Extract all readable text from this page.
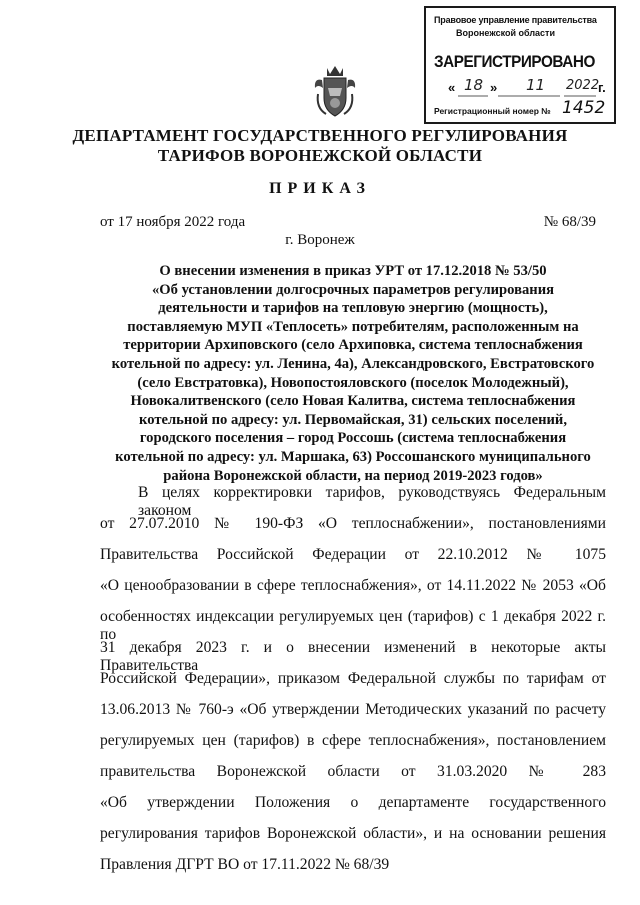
Правовое управление правительства
Воронежской области
ЗАРЕГИСТРИРОВАНО
« 18 » 11 2022
г.
Регистрационный номер № 1452
ДЕПАРТАМЕНТ ГОСУДАРСТВЕННОГО РЕГУЛИРОВАНИЯ
ТАРИФОВ ВОРОНЕЖСКОЙ ОБЛАСТИ
ПРИКАЗ
от 17 ноября 2022 года	№ 68/39
г. Воронеж
О внесении изменения в приказ УРТ от 17.12.2018 № 53/50
«Об установлении долгосрочных параметров регулирования
деятельности и тарифов на тепловую энергию (мощность),
поставляемую МУП «Теплосеть» потребителям, расположенным на
территории Архиповского (село Архиповка, система теплоснабжения
котельной по адресу: ул. Ленина, 4а), Александровского, Евстратовского
(село Евстратовка), Новопостояловского (поселок Молодежный),
Новокалитвенского (село Новая Калитва, система теплоснабжения
котельной по адресу: ул. Первомайская, 31) сельских поселений,
городского поселения – город Россошь (система теплоснабжения
котельной по адресу: ул. Маршака, 63) Россошанского муниципального
района Воронежской области, на период 2019-2023 годов»
В целях корректировки тарифов, руководствуясь Федеральным законом
от 27.07.2010 № 190-ФЗ «О теплоснабжении», постановлениями
Правительства Российской Федерации от 22.10.2012 № 1075
«О ценообразовании в сфере теплоснабжения», от 14.11.2022 № 2053 «Об
особенностях индексации регулируемых цен (тарифов) с 1 декабря 2022 г. по
31 декабря 2023 г. и о внесении изменений в некоторые акты Правительства
Российской Федерации», приказом Федеральной службы по тарифам от
13.06.2013 № 760-э «Об утверждении Методических указаний по расчету
регулируемых цен (тарифов) в сфере теплоснабжения», постановлением
правительства Воронежской области от 31.03.2020 № 283
«Об утверждении Положения о департаменте государственного
регулирования тарифов Воронежской области», и на основании решения
Правления ДГРТ ВО от 17.11.2022 № 68/39
